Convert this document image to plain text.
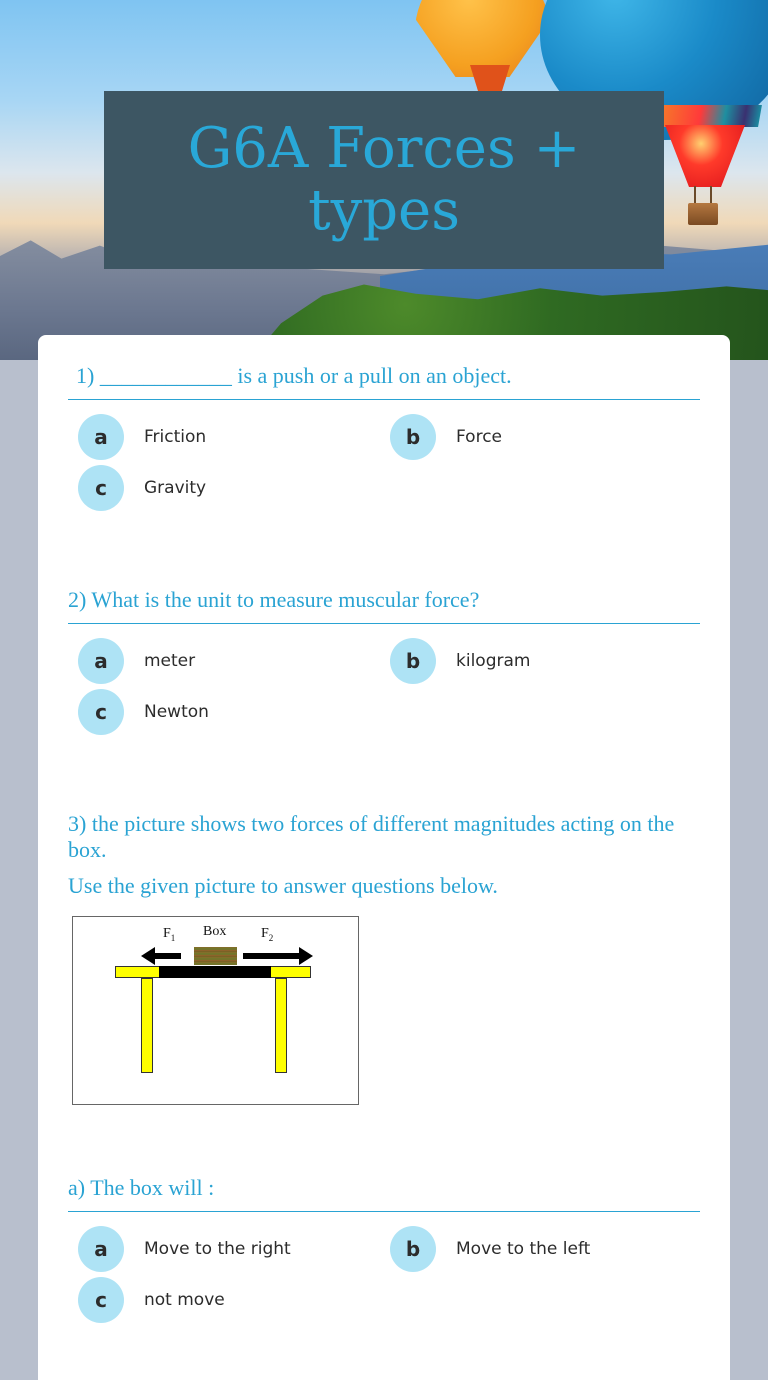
G6A Forces + types
1) ____________ is a push or a pull on an object.
a	Friction	b	Force
c	Gravity
2) What is the unit to measure muscular force?
a	meter	b	kilogram
c	Newton
3) the picture shows two forces of different magnitudes acting on the box.
Use the given picture to answer questions below.
$F_1$ Box $F_2$
a) The box will :
a	Move to the right	b	Move to the left
c	not move
